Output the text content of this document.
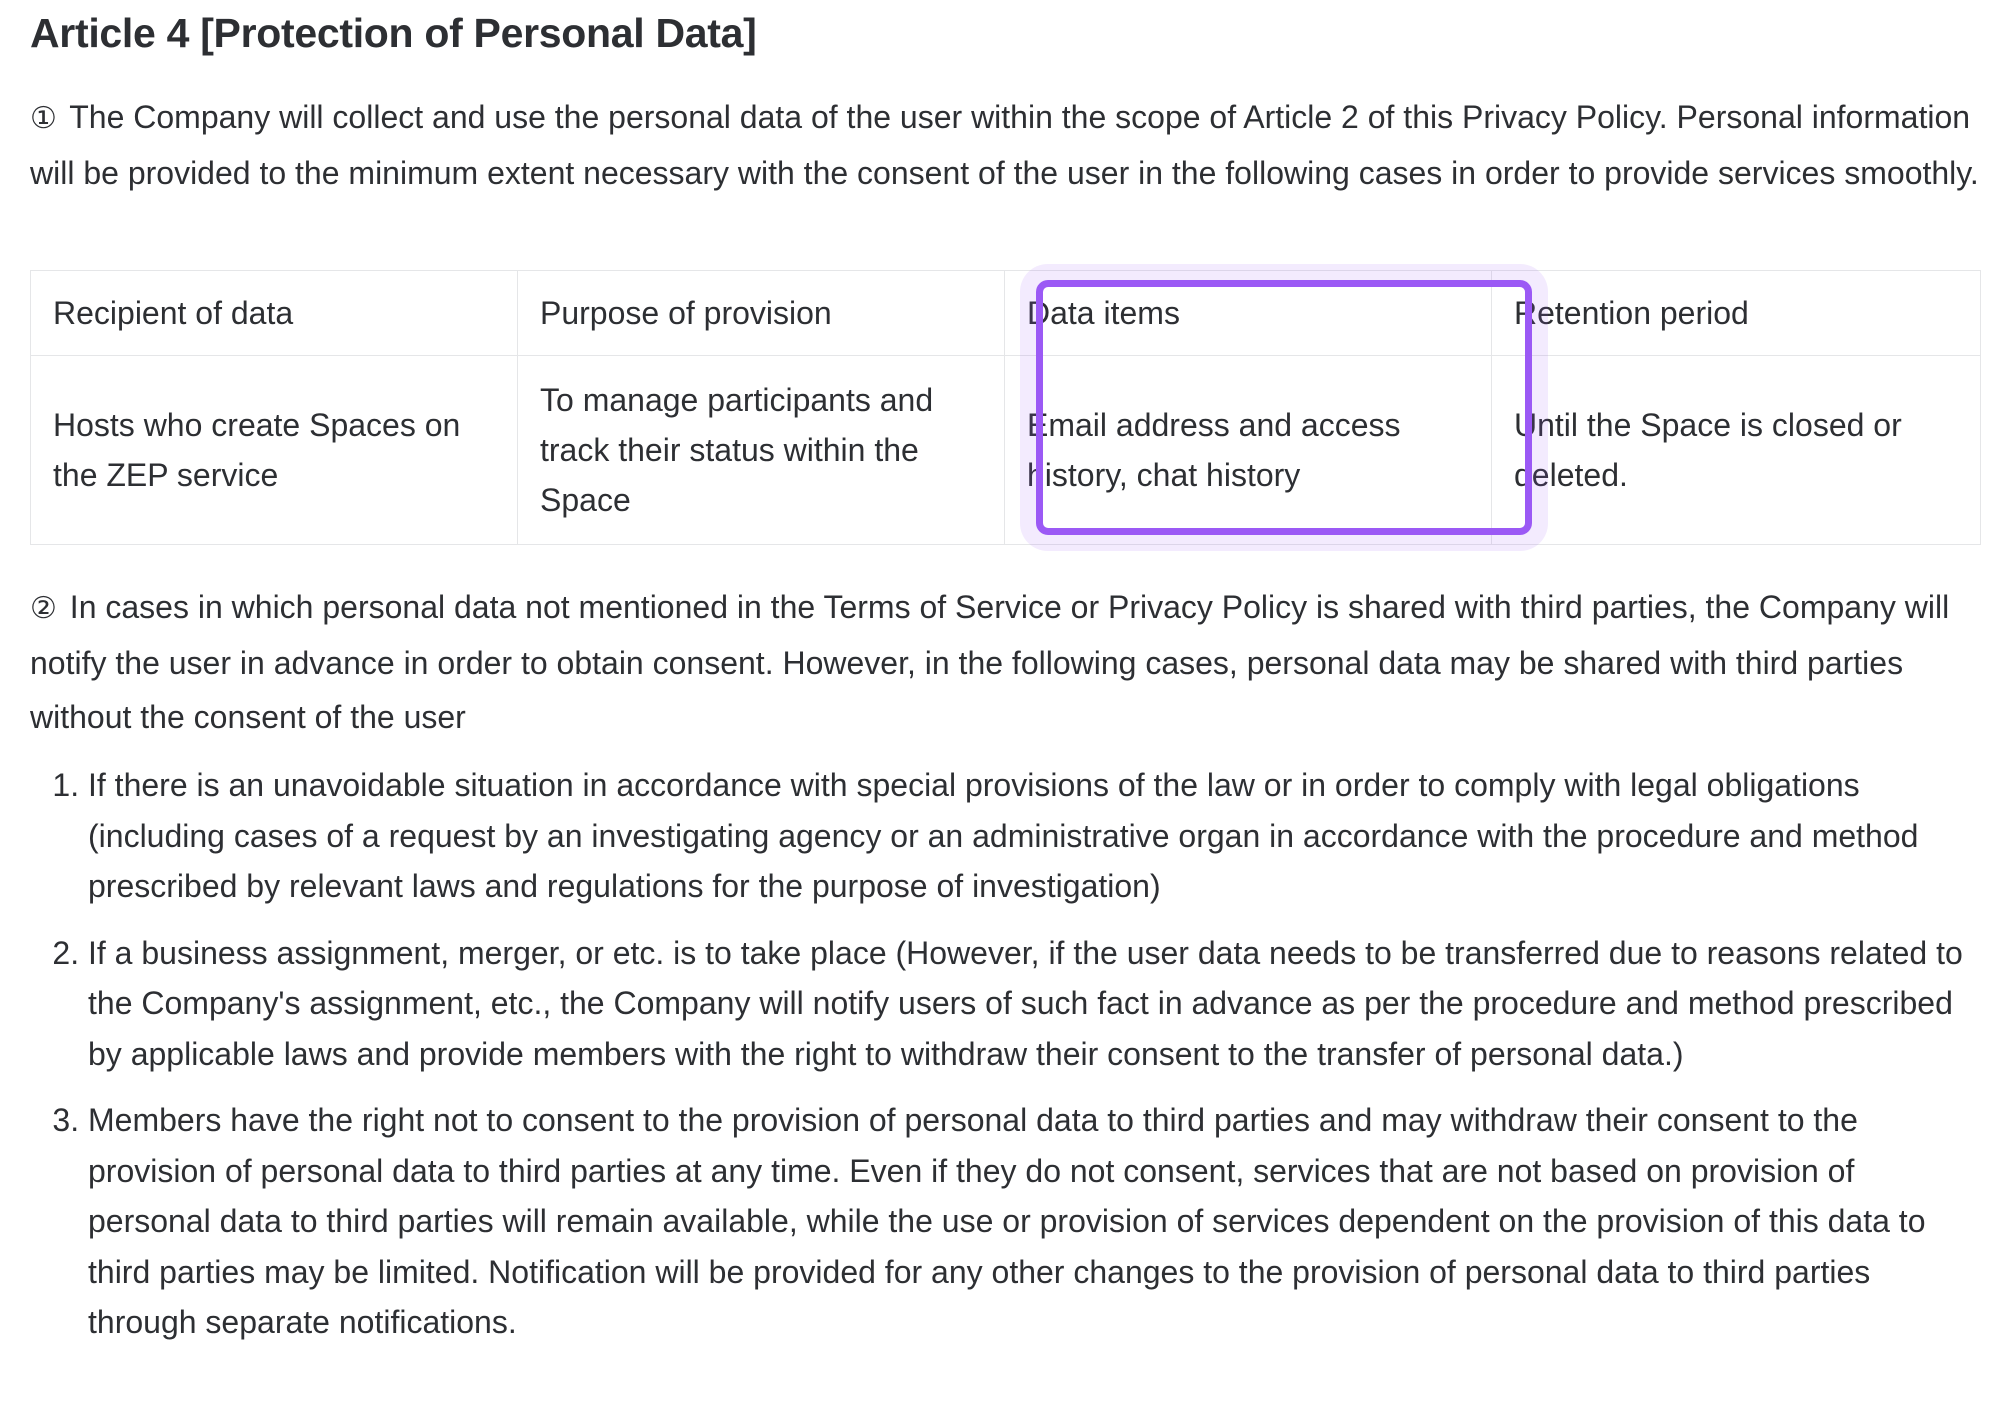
Article 4 [Protection of Personal Data]

① The Company will collect and use the personal data of the user within the scope of Article 2 of this Privacy Policy. Personal information will be provided to the minimum extent necessary with the consent of the user in the following cases in order to provide services smoothly.

Recipient of data	Purpose of provision	Data items	Retention period
Hosts who create Spaces on the ZEP service	To manage participants and track their status within the Space	Email address and access history, chat history	Until the Space is closed or deleted.

② In cases in which personal data not mentioned in the Terms of Service or Privacy Policy is shared with third parties, the Company will notify the user in advance in order to obtain consent. However, in the following cases, personal data may be shared with third parties without the consent of the user

1. If there is an unavoidable situation in accordance with special provisions of the law or in order to comply with legal obligations (including cases of a request by an investigating agency or an administrative organ in accordance with the procedure and method prescribed by relevant laws and regulations for the purpose of investigation)
2. If a business assignment, merger, or etc. is to take place (However, if the user data needs to be transferred due to reasons related to the Company's assignment, etc., the Company will notify users of such fact in advance as per the procedure and method prescribed by applicable laws and provide members with the right to withdraw their consent to the transfer of personal data.)
3. Members have the right not to consent to the provision of personal data to third parties and may withdraw their consent to the provision of personal data to third parties at any time. Even if they do not consent, services that are not based on provision of personal data to third parties will remain available, while the use or provision of services dependent on the provision of this data to third parties may be limited. Notification will be provided for any other changes to the provision of personal data to third parties through separate notifications.
